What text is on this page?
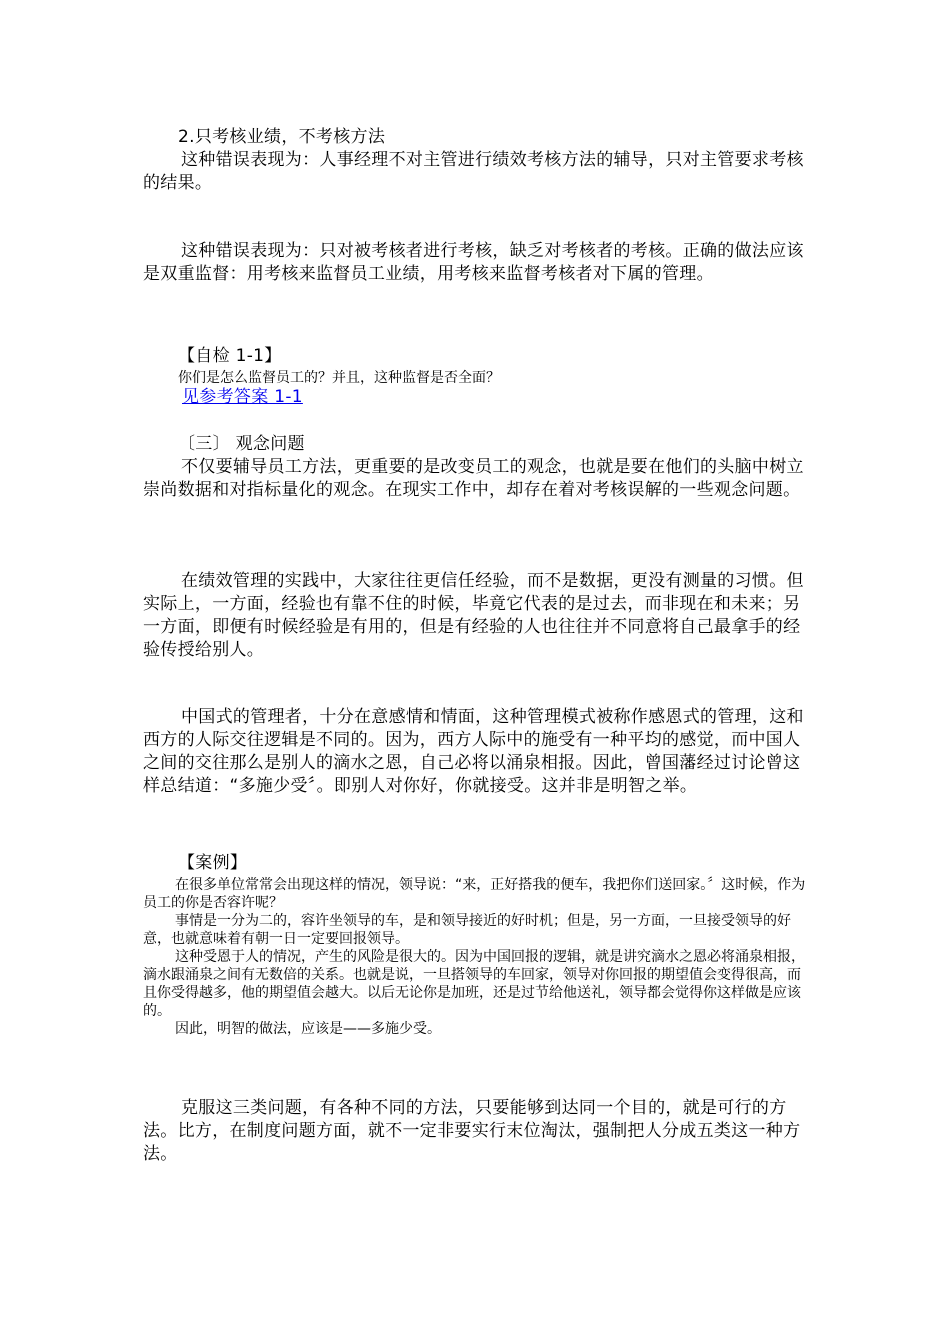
2.只考核业绩，不考核方法

这种错误表现为：人事经理不对主管进行绩效考核方法的辅导，只对主管要求考核的结果。

这种错误表现为：只对被考核者进行考核，缺乏对考核者的考核。正确的做法应该是双重监督：用考核来监督员工业绩，用考核来监督考核者对下属的管理。

【自检 1-1】

你们是怎么监督员工的？并且，这种监督是否全面？

见参考答案 1-1

〔三〕 观念问题

不仅要辅导员工方法，更重要的是改变员工的观念，也就是要在他们的头脑中树立崇尚数据和对指标量化的观念。在现实工作中，却存在着对考核误解的一些观念问题。

在绩效管理的实践中，大家往往更信任经验，而不是数据，更没有测量的习惯。但实际上，一方面，经验也有靠不住的时候，毕竟它代表的是过去，而非现在和未来；另一方面，即便有时候经验是有用的，但是有经验的人也往往并不同意将自己最拿手的经验传授给别人。

中国式的管理者，十分在意感情和情面，这种管理模式被称作感恩式的管理，这和西方的人际交往逻辑是不同的。因为，西方人际中的施受有一种平均的感觉，而中国人之间的交往那么是别人的滴水之恩，自己必将以涌泉相报。因此，曾国藩经过讨论曾这样总结道：“多施少受〞。即别人对你好，你就接受。这并非是明智之举。

【案例】

在很多单位常常会出现这样的情况，领导说：“来，正好搭我的便车，我把你们送回家。〞这时候，作为员工的你是否容许呢？

事情是一分为二的，容许坐领导的车，是和领导接近的好时机；但是，另一方面，一旦接受领导的好意，也就意味着有朝一日一定要回报领导。

这种受恩于人的情况，产生的风险是很大的。因为中国回报的逻辑，就是讲究滴水之恩必将涌泉相报，滴水跟涌泉之间有无数倍的关系。也就是说，一旦搭领导的车回家，领导对你回报的期望值会变得很高，而且你受得越多，他的期望值会越大。以后无论你是加班，还是过节给他送礼，领导都会觉得你这样做是应该的。

因此，明智的做法，应该是——多施少受。

克服这三类问题，有各种不同的方法，只要能够到达同一个目的，就是可行的方法。比方，在制度问题方面，就不一定非要实行末位淘汰，强制把人分成五类这一种方法。
